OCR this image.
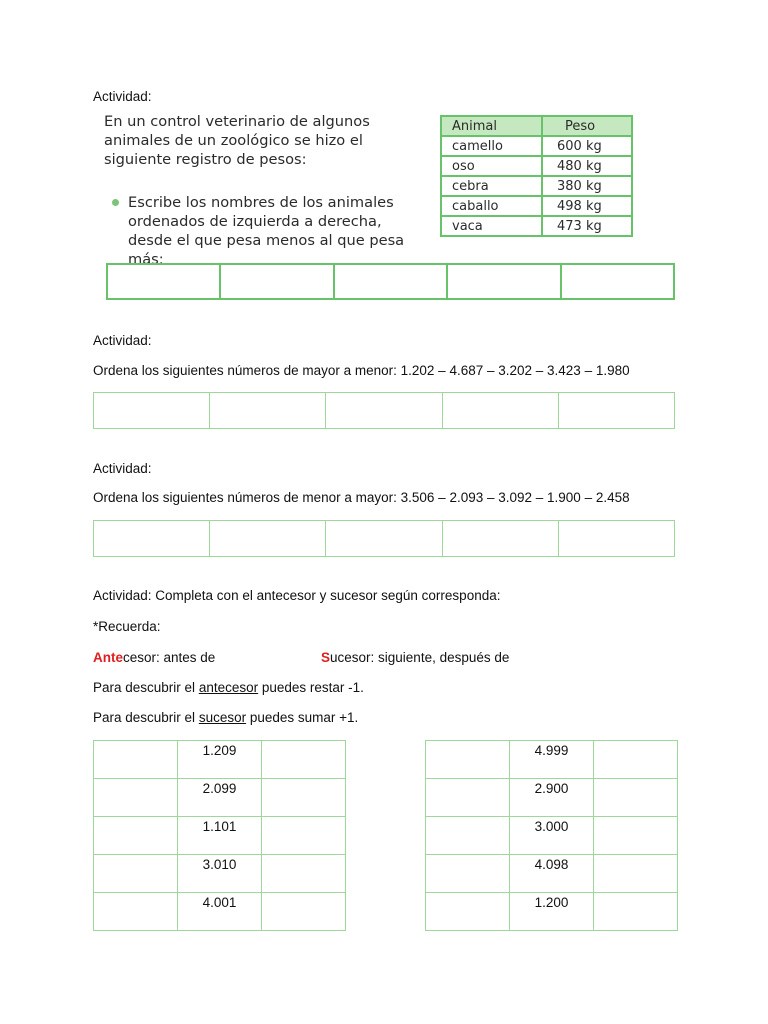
Actividad:
En un control veterinario de algunos animales de un zoológico se hizo el siguiente registro de pesos:
Escribe los nombres de los animales ordenados de izquierda a derecha, desde el que pesa menos al que pesa más:
Animal	Peso
camello	600 kg
oso	480 kg
cebra	380 kg
caballo	498 kg
vaca	473 kg

Actividad:
Ordena los siguientes números de mayor a menor: 1.202 – 4.687 – 3.202 – 3.423 – 1.980

Actividad:
Ordena los siguientes números de menor a mayor: 3.506 – 2.093 – 3.092 – 1.900 – 2.458

Actividad: Completa con el antecesor y sucesor según corresponda:
*Recuerda:
Antecesor: antes de	Sucesor: siguiente, después de
Para descubrir el antecesor puedes restar -1.
Para descubrir el sucesor puedes sumar +1.
	1.209	
	2.099	
	1.101	
	3.010	
	4.001	
	4.999	
	2.900	
	3.000	
	4.098	
	1.200	
